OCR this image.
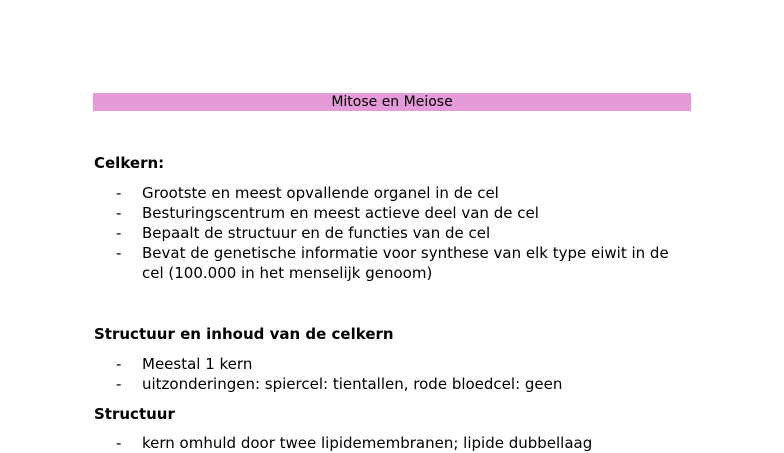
Mitose en Meiose
Celkern:
- Grootste en meest opvallende organel in de cel
- Besturingscentrum en meest actieve deel van de cel
- Bepaalt de structuur en de functies van de cel
- Bevat de genetische informatie voor synthese van elk type eiwit in de cel (100.000 in het menselijk genoom)
Structuur en inhoud van de celkern
- Meestal 1 kern
- uitzonderingen: spiercel: tientallen, rode bloedcel: geen
Structuur
- kern omhuld door twee lipidemembranen; lipide dubbellaag
